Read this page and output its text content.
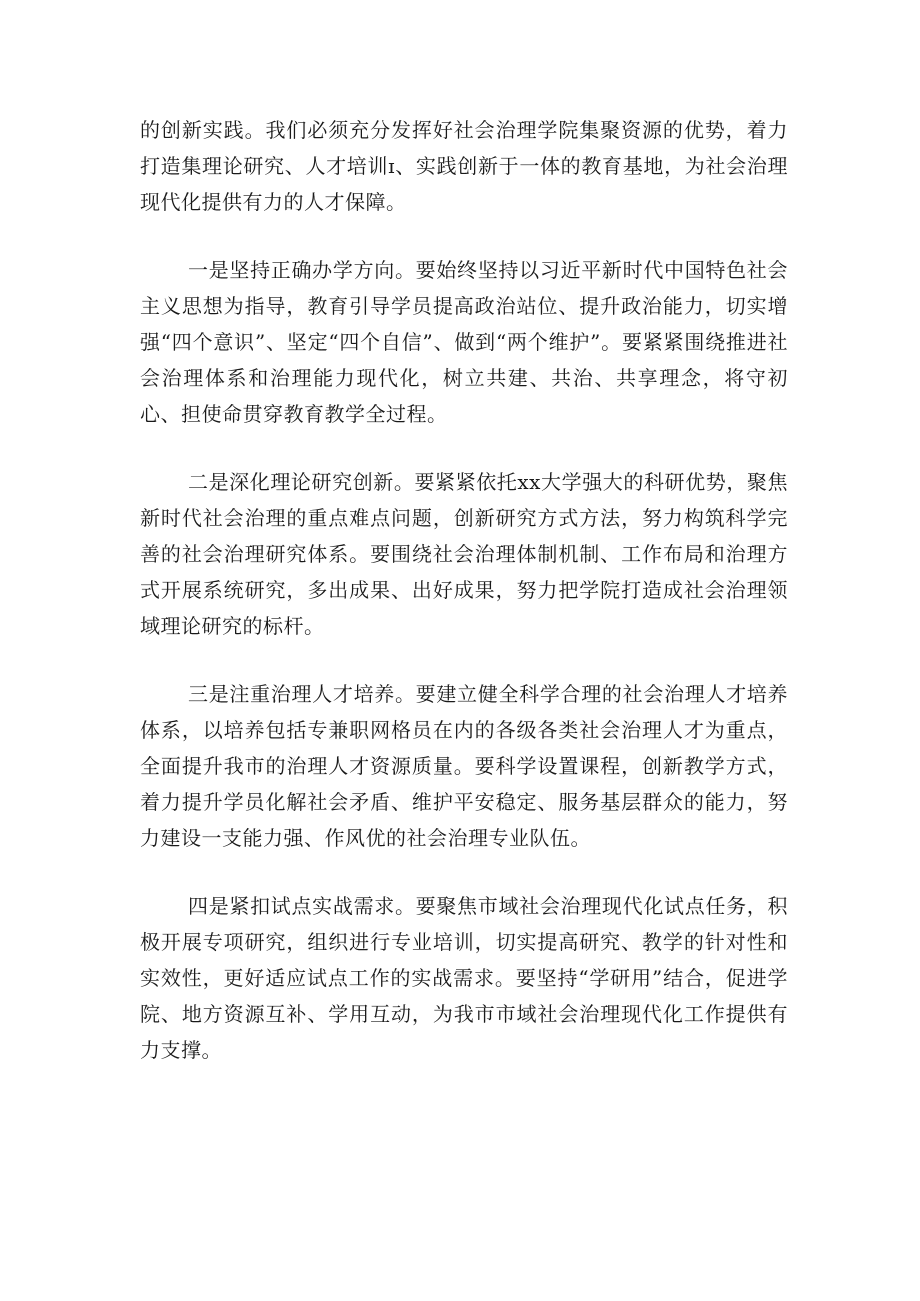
的创新实践。我们必须充分发挥好社会治理学院集聚资源的优势，着力打造集理论研究、人才培训ɪ、实践创新于一体的教育基地，为社会治理现代化提供有力的人才保障。

一是坚持正确办学方向。要始终坚持以习近平新时代中国特色社会主义思想为指导，教育引导学员提高政治站位、提升政治能力，切实增强“四个意识”、坚定“四个自信”、做到“两个维护”。要紧紧围绕推进社会治理体系和治理能力现代化，树立共建、共治、共享理念，将守初心、担使命贯穿教育教学全过程。

二是深化理论研究创新。要紧紧依托xx大学强大的科研优势，聚焦新时代社会治理的重点难点问题，创新研究方式方法，努力构筑科学完善的社会治理研究体系。要围绕社会治理体制机制、工作布局和治理方式开展系统研究，多出成果、出好成果，努力把学院打造成社会治理领域理论研究的标杆。

三是注重治理人才培养。要建立健全科学合理的社会治理人才培养体系，以培养包括专兼职网格员在内的各级各类社会治理人才为重点，全面提升我市的治理人才资源质量。要科学设置课程，创新教学方式，着力提升学员化解社会矛盾、维护平安稳定、服务基层群众的能力，努力建设一支能力强、作风优的社会治理专业队伍。

四是紧扣试点实战需求。要聚焦市域社会治理现代化试点任务，积极开展专项研究，组织进行专业培训，切实提高研究、教学的针对性和实效性，更好适应试点工作的实战需求。要坚持“学研用”结合，促进学院、地方资源互补、学用互动，为我市市域社会治理现代化工作提供有力支撑。
